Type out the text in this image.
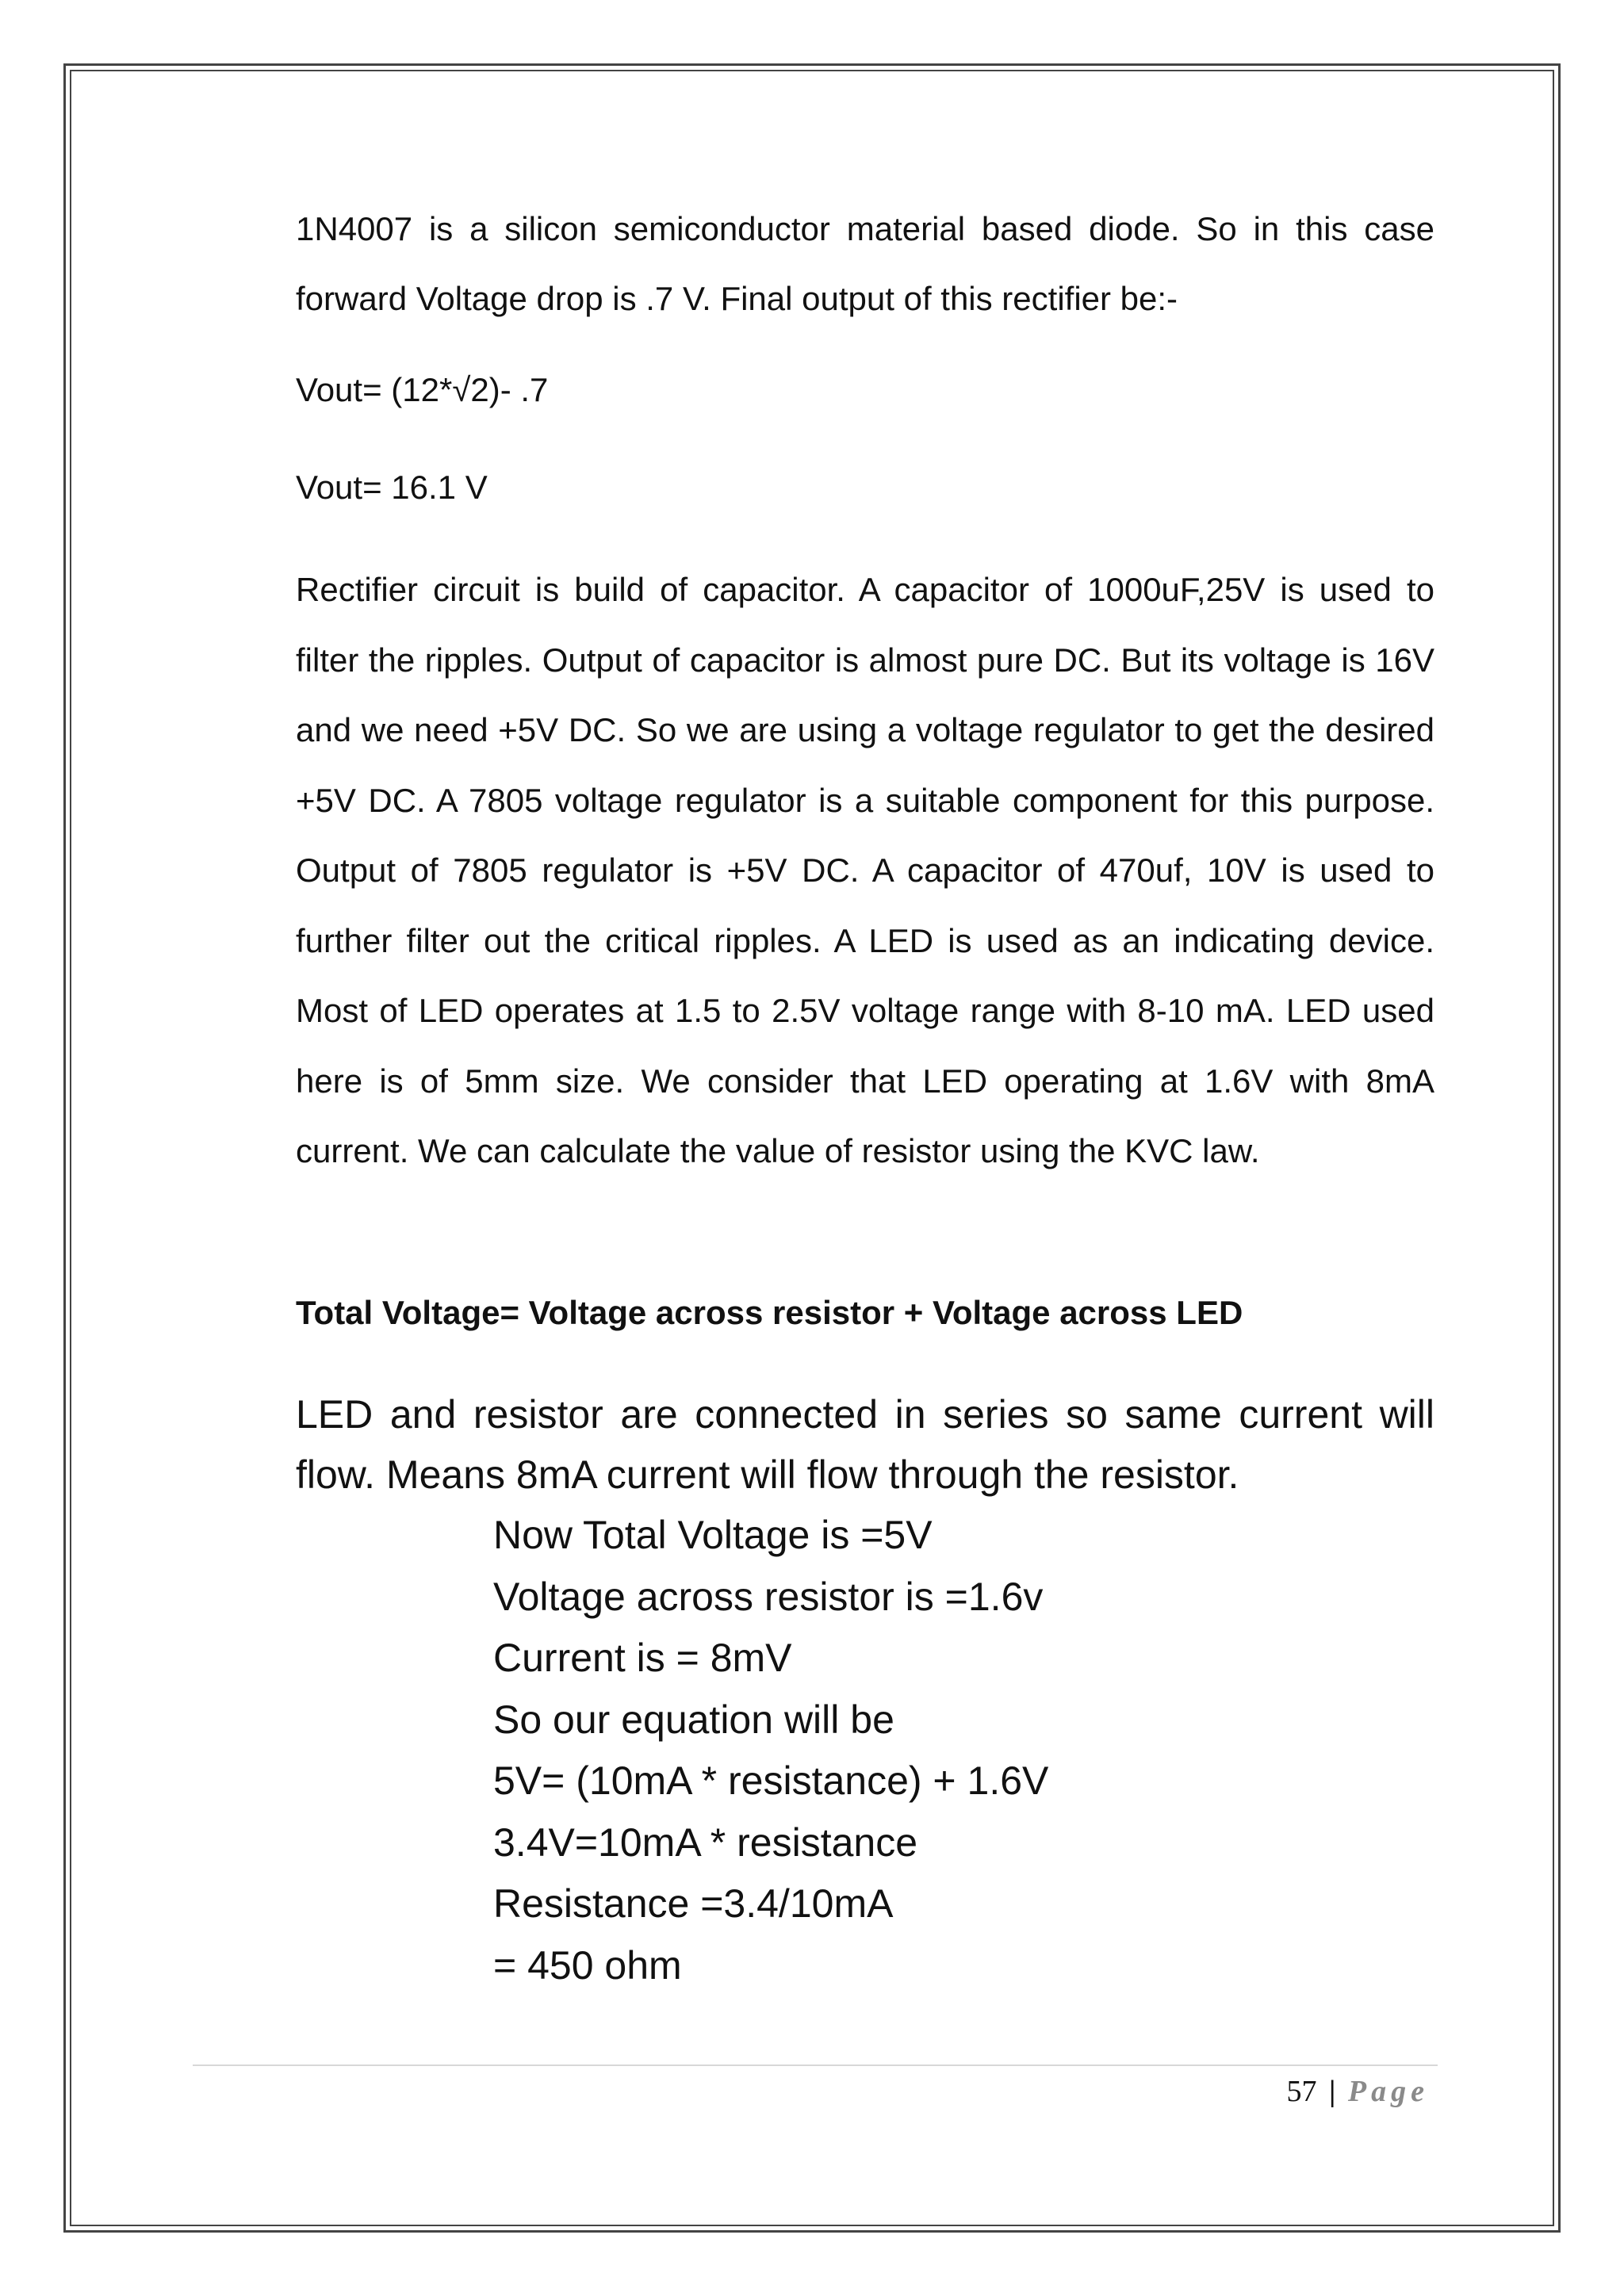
1N4007 is a silicon semiconductor material based diode. So in this case forward Voltage drop is .7 V. Final output of this rectifier be:-

Vout= (12*√2)- .7
Vout= 16.1 V

Rectifier circuit is build of capacitor. A capacitor of 1000uF,25V is used to filter the ripples. Output of capacitor is almost pure DC. But its voltage is 16V and we need +5V DC. So we are using a voltage regulator to get the desired +5V DC. A 7805 voltage regulator is a suitable component for this purpose. Output of 7805 regulator is +5V DC. A capacitor of 470uf, 10V is used to further filter out the critical ripples. A LED is used as an indicating device. Most of LED operates at 1.5 to 2.5V voltage range with 8-10 mA. LED used here is of 5mm size. We consider that LED operating at 1.6V with 8mA current. We can calculate the value of resistor using the KVC law.

Total Voltage= Voltage across resistor + Voltage across LED

LED and resistor are connected in series so same current will flow. Means 8mA current will flow through the resistor.

Now Total Voltage is =5V
Voltage across resistor is =1.6v
Current is = 8mV
So our equation will be
5V= (10mA * resistance) + 1.6V
3.4V=10mA * resistance
Resistance =3.4/10mA
= 450 ohm
57 | Page
